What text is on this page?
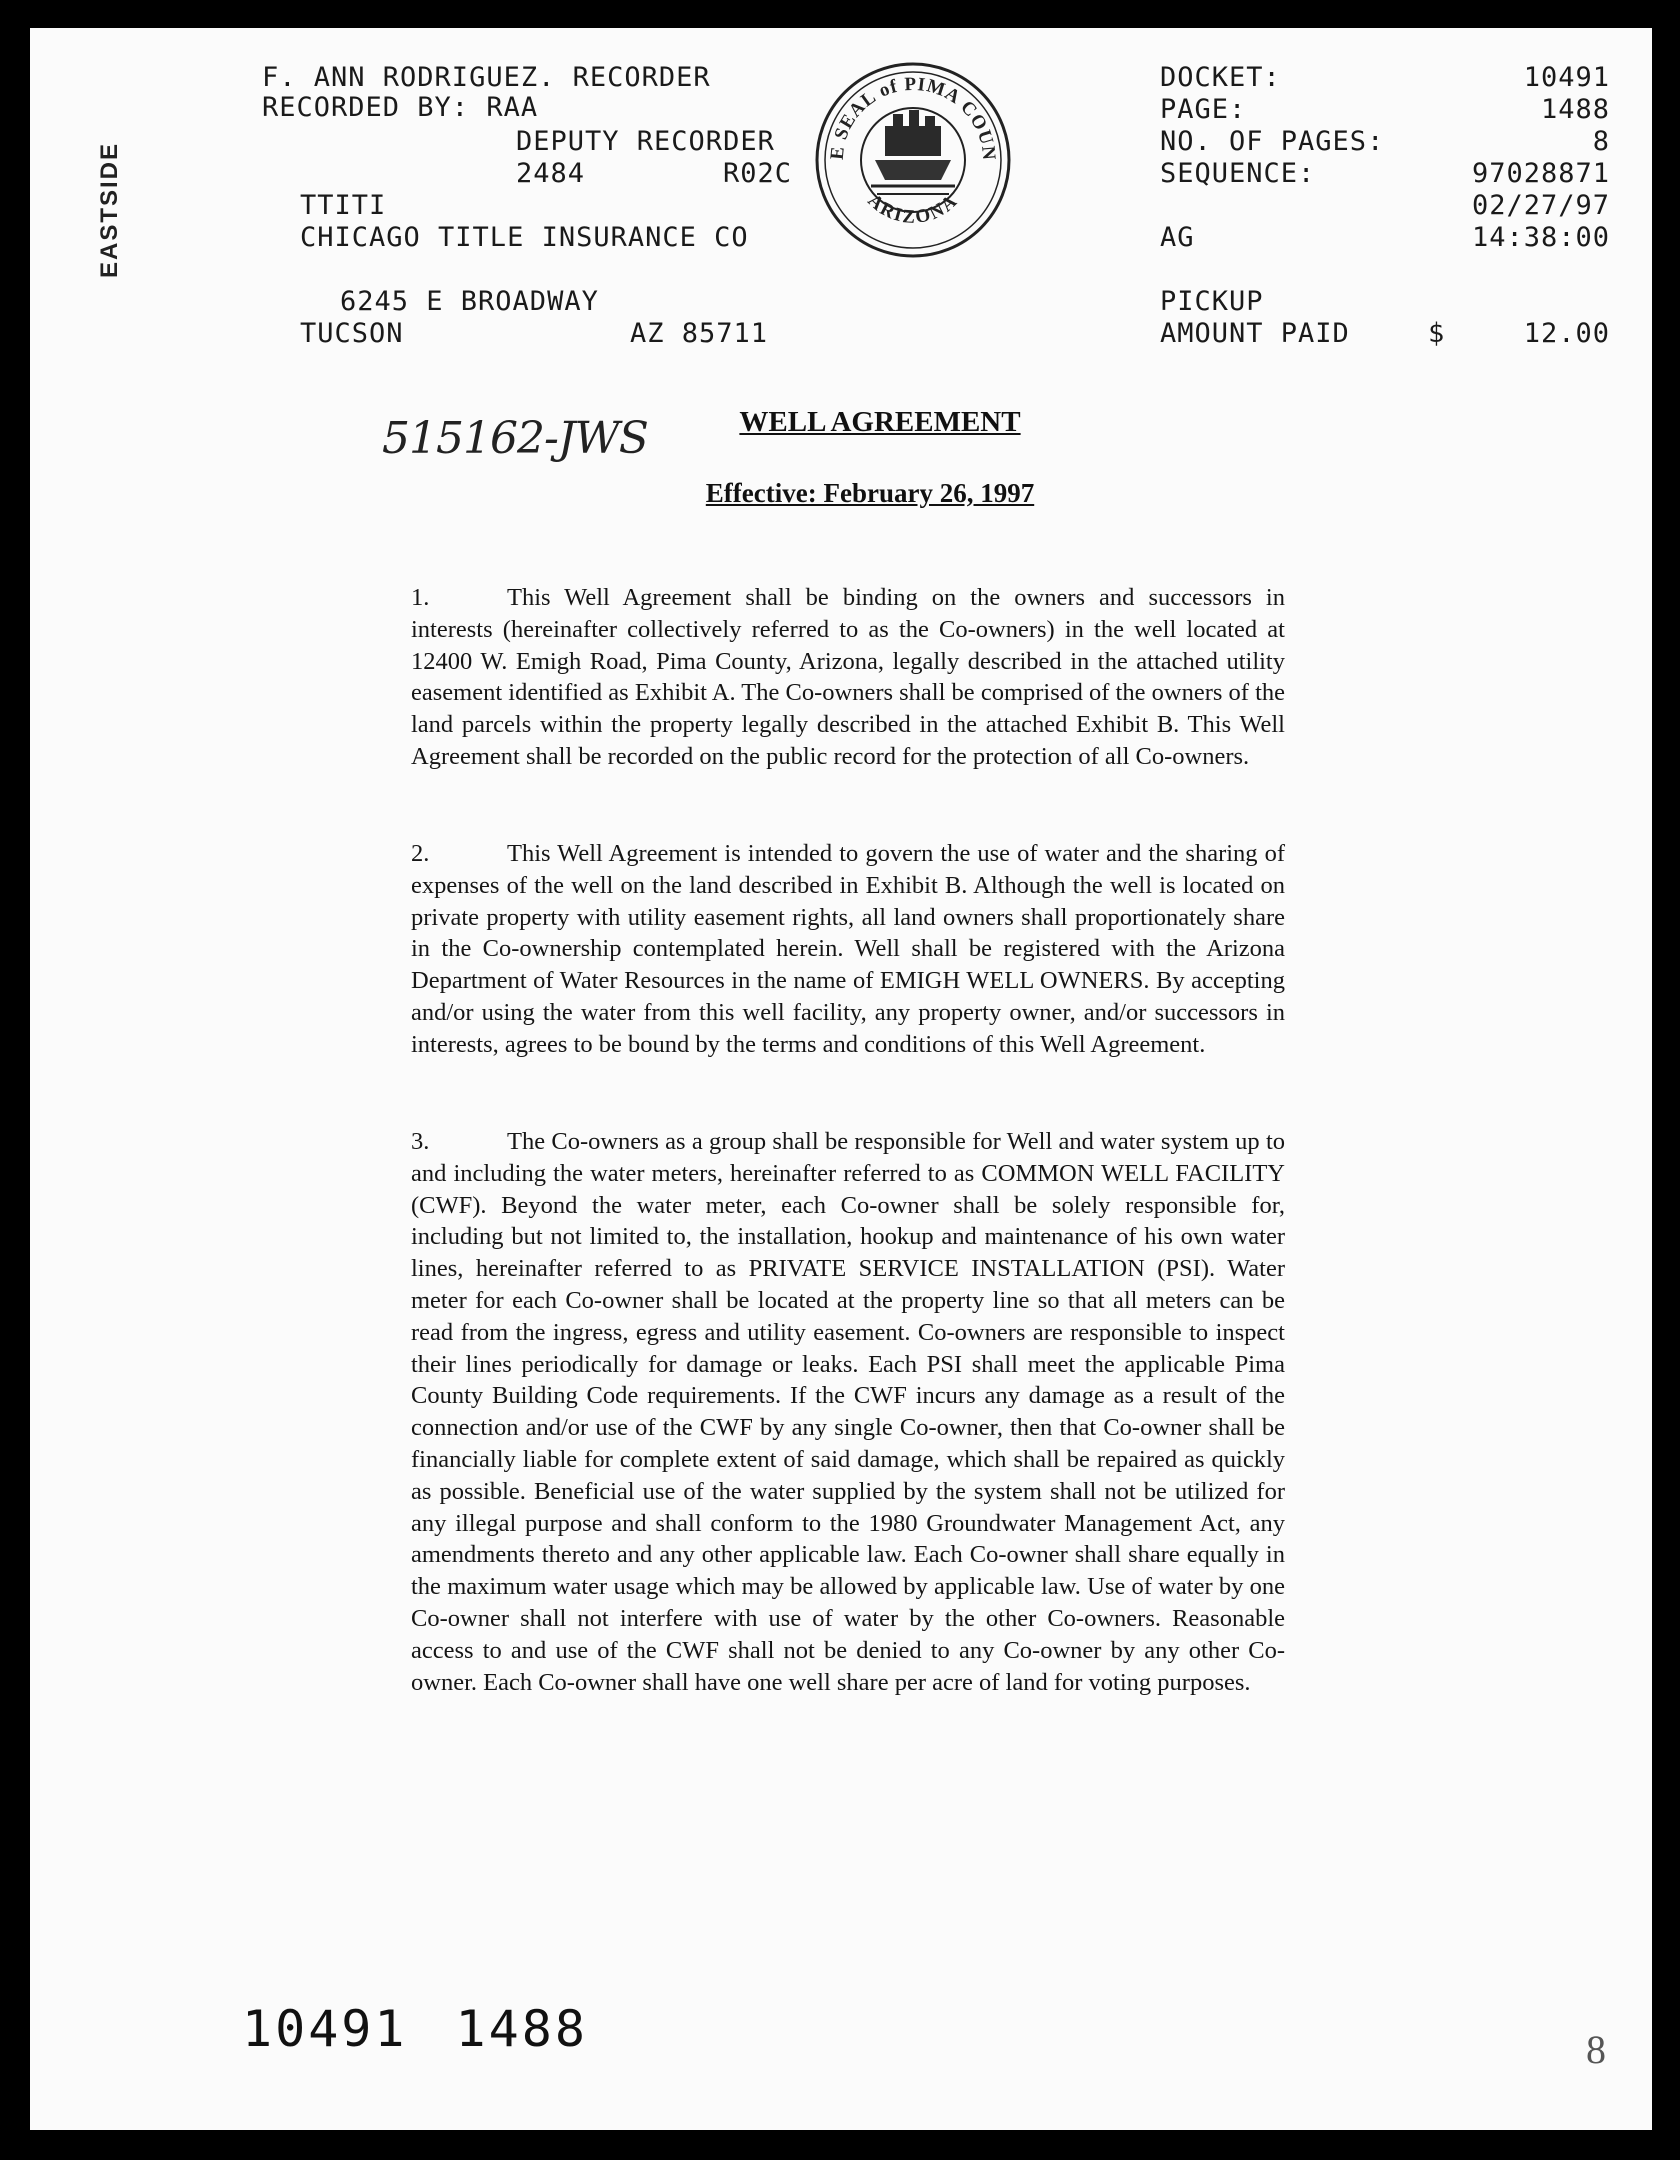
F. ANN RODRIGUEZ. RECORDER
RECORDED BY: RAA
DEPUTY RECORDER
2484	R02C
TTITI
CHICAGO TITLE INSURANCE CO
6245 E BROADWAY
TUCSON	AZ 85711
E SEAL of PIMA COUN
ARIZONA
DOCKET:	10491
PAGE:	1488
NO. OF PAGES:	8
SEQUENCE:	97028871
02/27/97
AG	14:38:00
PICKUP
AMOUNT PAID	$	12.00
EASTSIDE
515162-JWS	WELL AGREEMENT
Effective: February 26, 1997
1.	This Well Agreement shall be binding on the owners and successors in interests (hereinafter collectively referred to as the Co-owners) in the well located at 12400 W. Emigh Road, Pima County, Arizona, legally described in the attached utility easement identified as Exhibit A. The Co-owners shall be comprised of the owners of the land parcels within the property legally described in the attached Exhibit B. This Well Agreement shall be recorded on the public record for the protection of all Co-owners.
2.	This Well Agreement is intended to govern the use of water and the sharing of expenses of the well on the land described in Exhibit B. Although the well is located on private property with utility easement rights, all land owners shall proportionately share in the Co-ownership contemplated herein. Well shall be registered with the Arizona Department of Water Resources in the name of EMIGH WELL OWNERS. By accepting and/or using the water from this well facility, any property owner, and/or successors in interests, agrees to be bound by the terms and conditions of this Well Agreement.
3.	The Co-owners as a group shall be responsible for Well and water system up to and including the water meters, hereinafter referred to as COMMON WELL FACILITY (CWF). Beyond the water meter, each Co-owner shall be solely responsible for, including but not limited to, the installation, hookup and maintenance of his own water lines, hereinafter referred to as PRIVATE SERVICE INSTALLATION (PSI). Water meter for each Co-owner shall be located at the property line so that all meters can be read from the ingress, egress and utility easement. Co-owners are responsible to inspect their lines periodically for damage or leaks. Each PSI shall meet the applicable Pima County Building Code requirements. If the CWF incurs any damage as a result of the connection and/or use of the CWF by any single Co-owner, then that Co-owner shall be financially liable for complete extent of said damage, which shall be repaired as quickly as possible. Beneficial use of the water supplied by the system shall not be utilized for any illegal purpose and shall conform to the 1980 Groundwater Management Act, any amendments thereto and any other applicable law. Each Co-owner shall share equally in the maximum water usage which may be allowed by applicable law. Use of water by one Co-owner shall not interfere with use of water by the other Co-owners. Reasonable access to and use of the CWF shall not be denied to any Co-owner by any other Co-owner. Each Co-owner shall have one well share per acre of land for voting purposes.
10491 1488	8
